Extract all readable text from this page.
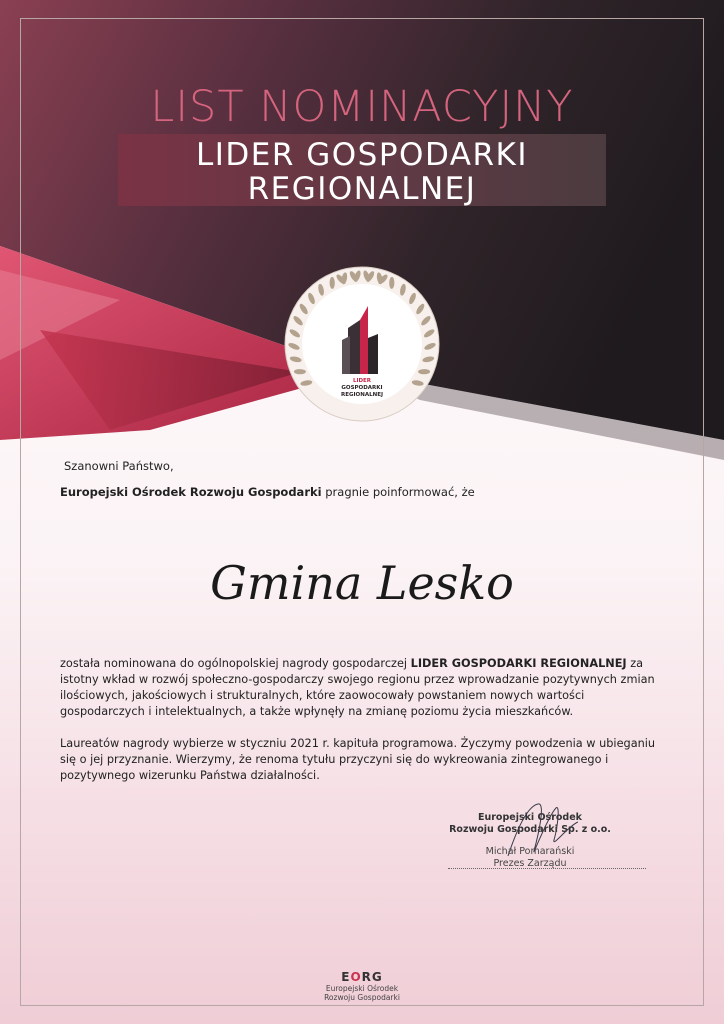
LIST NOMINACYJNY
LIDER GOSPODARKI
REGIONALNEJ
LIDER
GOSPODARKI
REGIONALNEJ
Szanowni Państwo,
Europejski Ośrodek Rozwoju Gospodarki pragnie poinformować, że
Gmina Lesko

została nominowana do ogólnopolskiej nagrody gospodarczej LIDER GOSPODARKI REGIONALNEJ za istotny wkład w rozwój społeczno-gospodarczy swojego regionu przez wprowadzanie pozytywnych zmian ilościowych, jakościowych i strukturalnych, które zaowocowały powstaniem nowych wartości gospodarczych i intelektualnych, a także wpłynęły na zmianę poziomu życia mieszkańców.

Laureatów nagrody wybierze w styczniu 2021 r. kapituła programowa. Życzymy powodzenia w ubieganiu się o jej przyznanie. Wierzymy, że renoma tytułu przyczyni się do wykreowania zintegrowanego i pozytywnego wizerunku Państwa działalności.

Europejski Ośrodek
Rozwoju Gospodarki Sp. z o.o.
Michał Pomarański
Prezes Zarządu
EORG
Europejski Ośrodek
Rozwoju Gospodarki
